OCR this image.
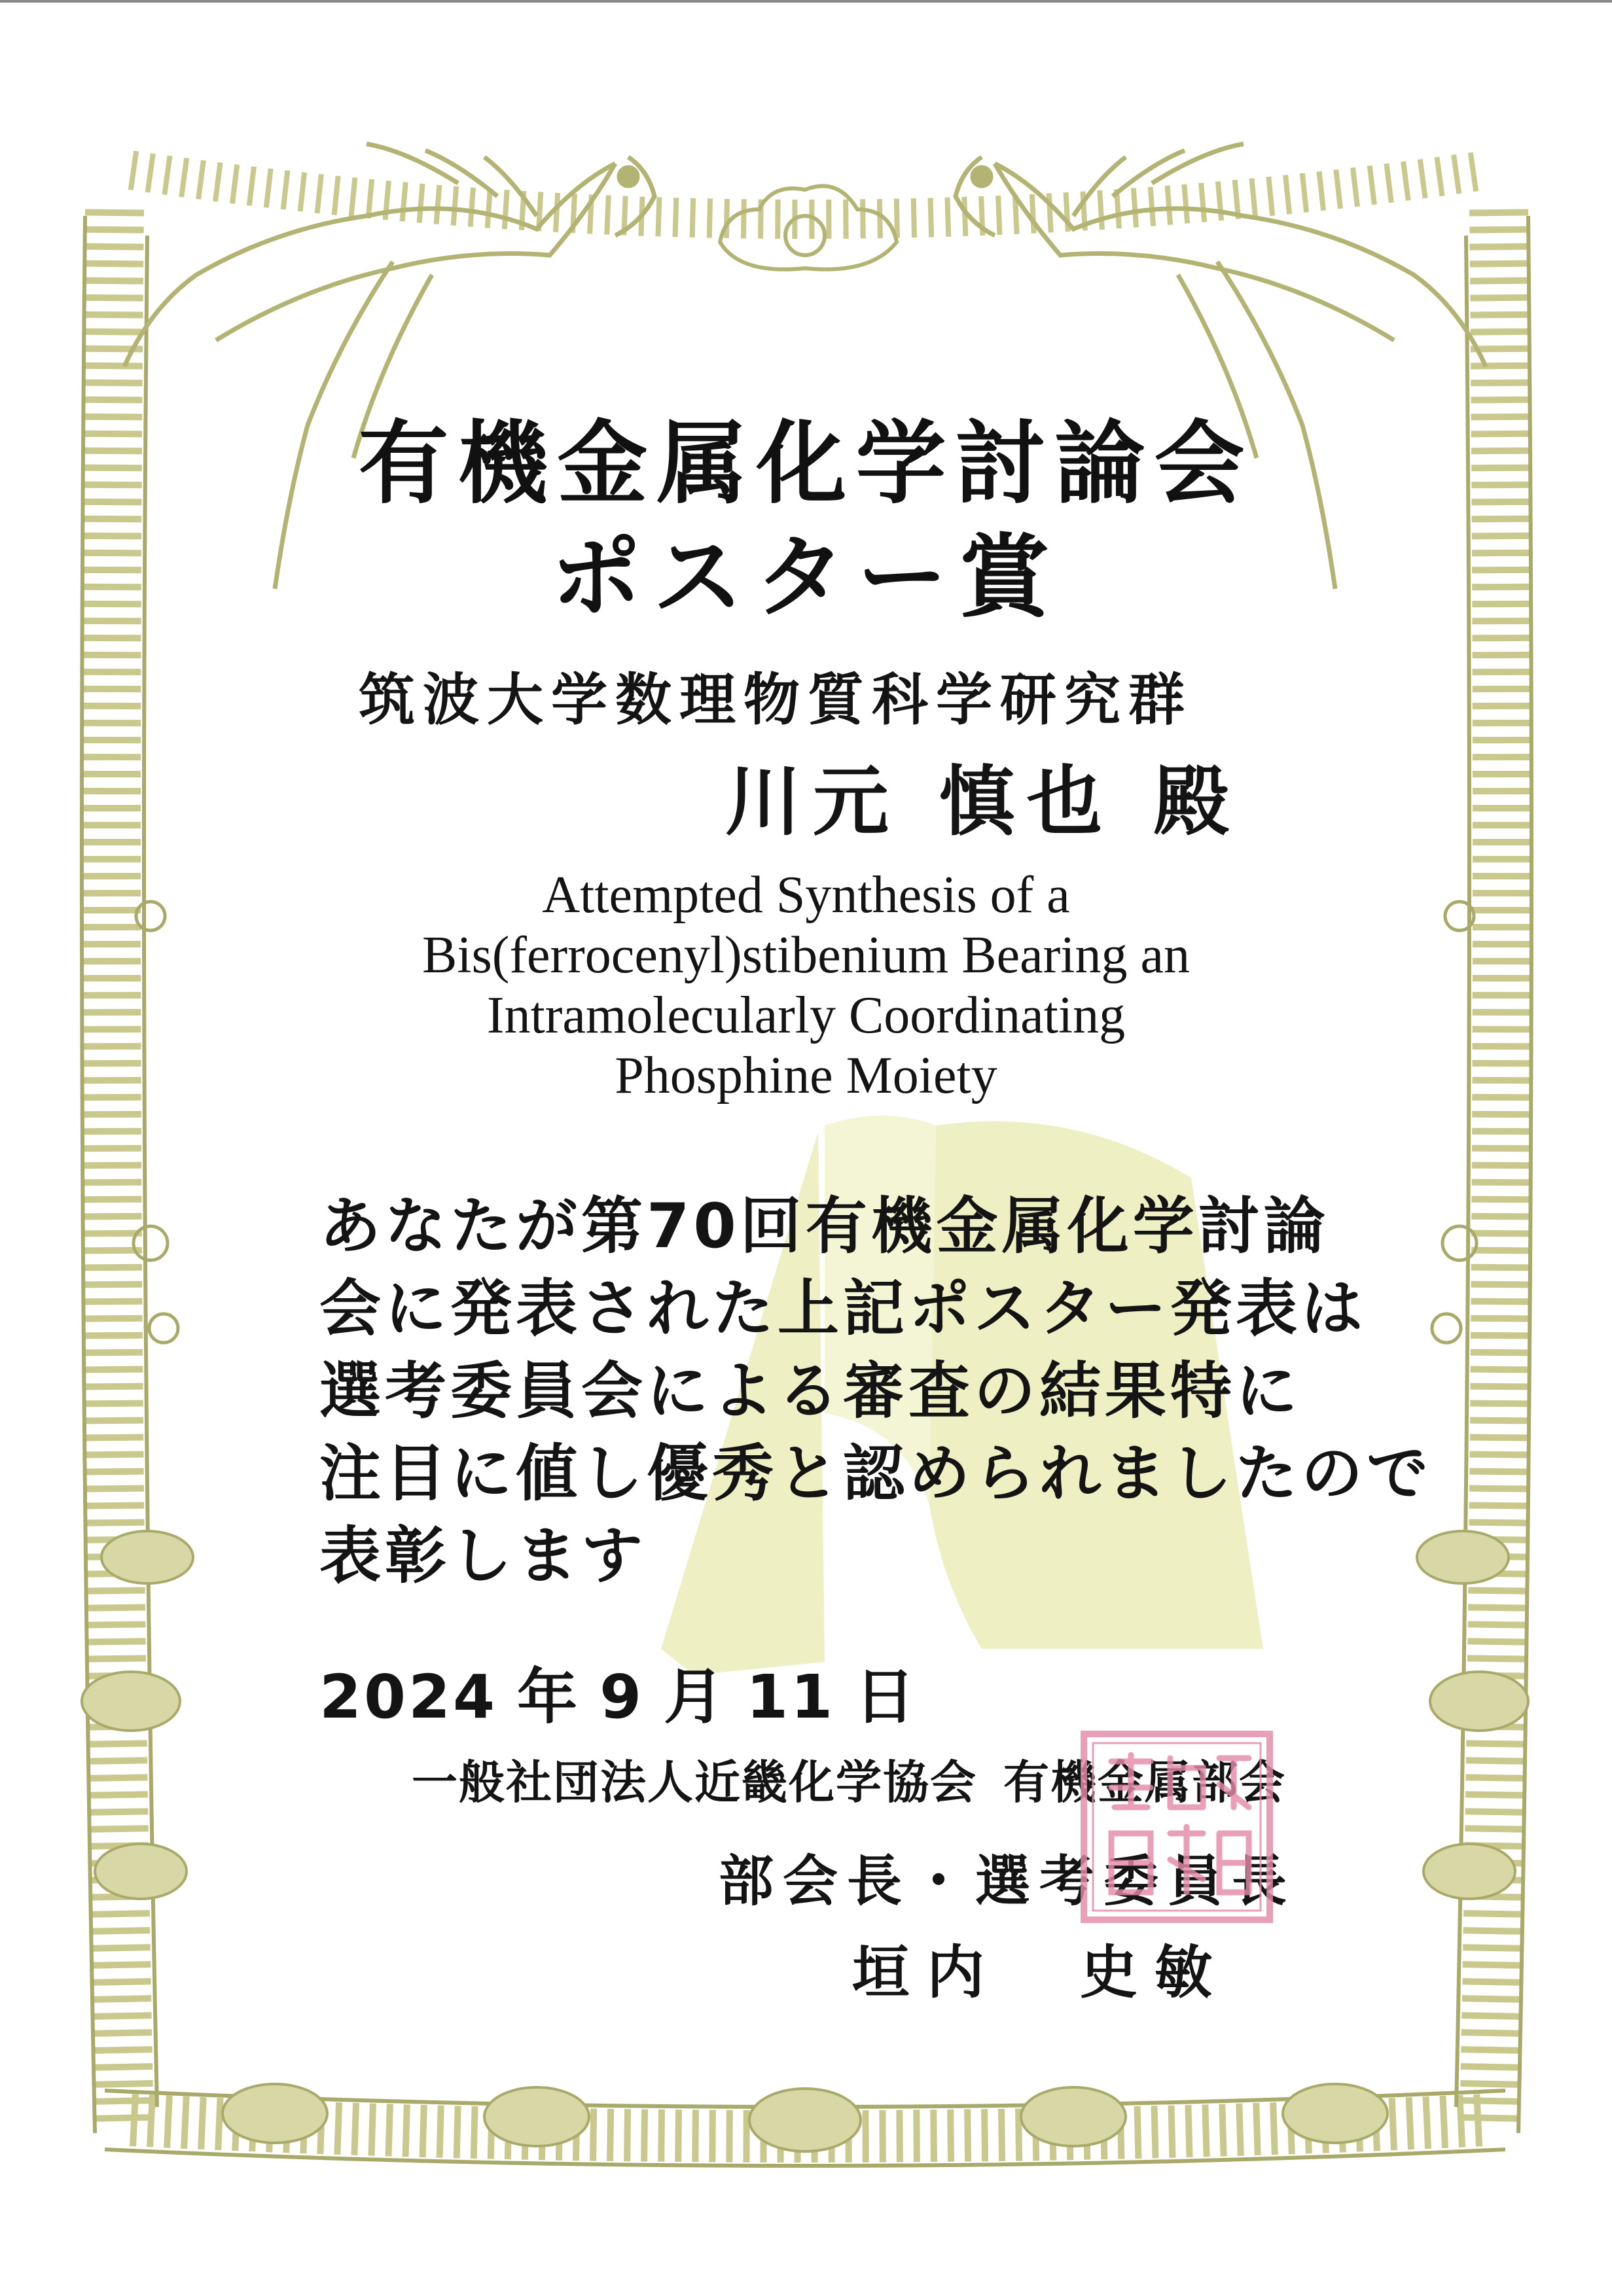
有機金属化学討論会
ポスター賞
筑波大学数理物質科学研究群
川元 慎也 殿
Attempted Synthesis of a
Bis(ferrocenyl)stibenium Bearing an
Intramolecularly Coordinating
Phosphine Moiety
あなたが第70回有機金属化学討論
会に発表された上記ポスター発表は
選考委員会による審査の結果特に
注目に値し優秀と認められましたので
表彰します
2024 年 9 月 11 日
一般社団法人近畿化学協会 有機金属部会
部会長・選考委員長
垣内 史敏
